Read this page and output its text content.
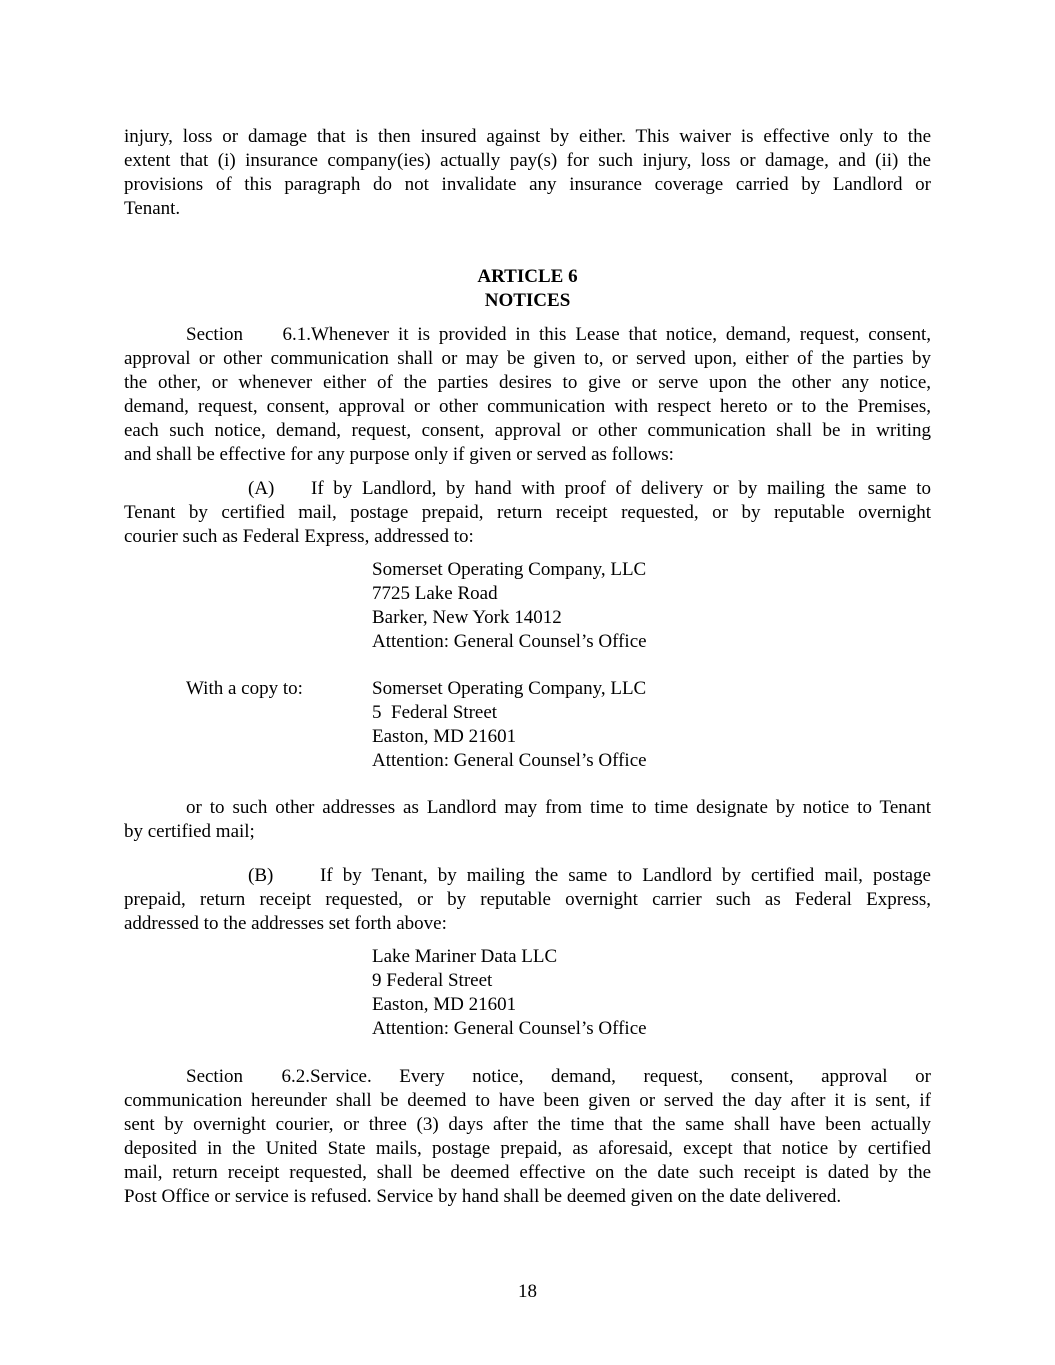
injury, loss or damage that is then insured against by either. This waiver is effective only to the
extent that (i) insurance company(ies) actually pay(s) for such injury, loss or damage, and (ii) the
provisions of this paragraph do not invalidate any insurance coverage carried by Landlord or
Tenant.
ARTICLE 6
NOTICES
Section 6.1.Whenever it is provided in this Lease that notice, demand, request, consent,
approval or other communication shall or may be given to, or served upon, either of the parties by
the other, or whenever either of the parties desires to give or serve upon the other any notice,
demand, request, consent, approval or other communication with respect hereto or to the Premises,
each such notice, demand, request, consent, approval or other communication shall be in writing
and shall be effective for any purpose only if given or served as follows:
(A) If by Landlord, by hand with proof of delivery or by mailing the same to
Tenant by certified mail, postage prepaid, return receipt requested, or by reputable overnight
courier such as Federal Express, addressed to:
Somerset Operating Company, LLC
7725 Lake Road
Barker, New York 14012
Attention: General Counsel’s Office
With a copy to:	Somerset Operating Company, LLC
5  Federal Street
Easton, MD 21601
Attention: General Counsel’s Office
or to such other addresses as Landlord may from time to time designate by notice to Tenant
by certified mail;
(B) If by Tenant, by mailing the same to Landlord by certified mail, postage
prepaid, return receipt requested, or by reputable overnight carrier such as Federal Express,
addressed to the addresses set forth above:
Lake Mariner Data LLC
9 Federal Street
Easton, MD 21601
Attention: General Counsel’s Office
Section 6.2.Service. Every notice, demand, request, consent, approval or
communication hereunder shall be deemed to have been given or served the day after it is sent, if
sent by overnight courier, or three (3) days after the time that the same shall have been actually
deposited in the United State mails, postage prepaid, as aforesaid, except that notice by certified
mail, return receipt requested, shall be deemed effective on the date such receipt is dated by the
Post Office or service is refused. Service by hand shall be deemed given on the date delivered.
18
